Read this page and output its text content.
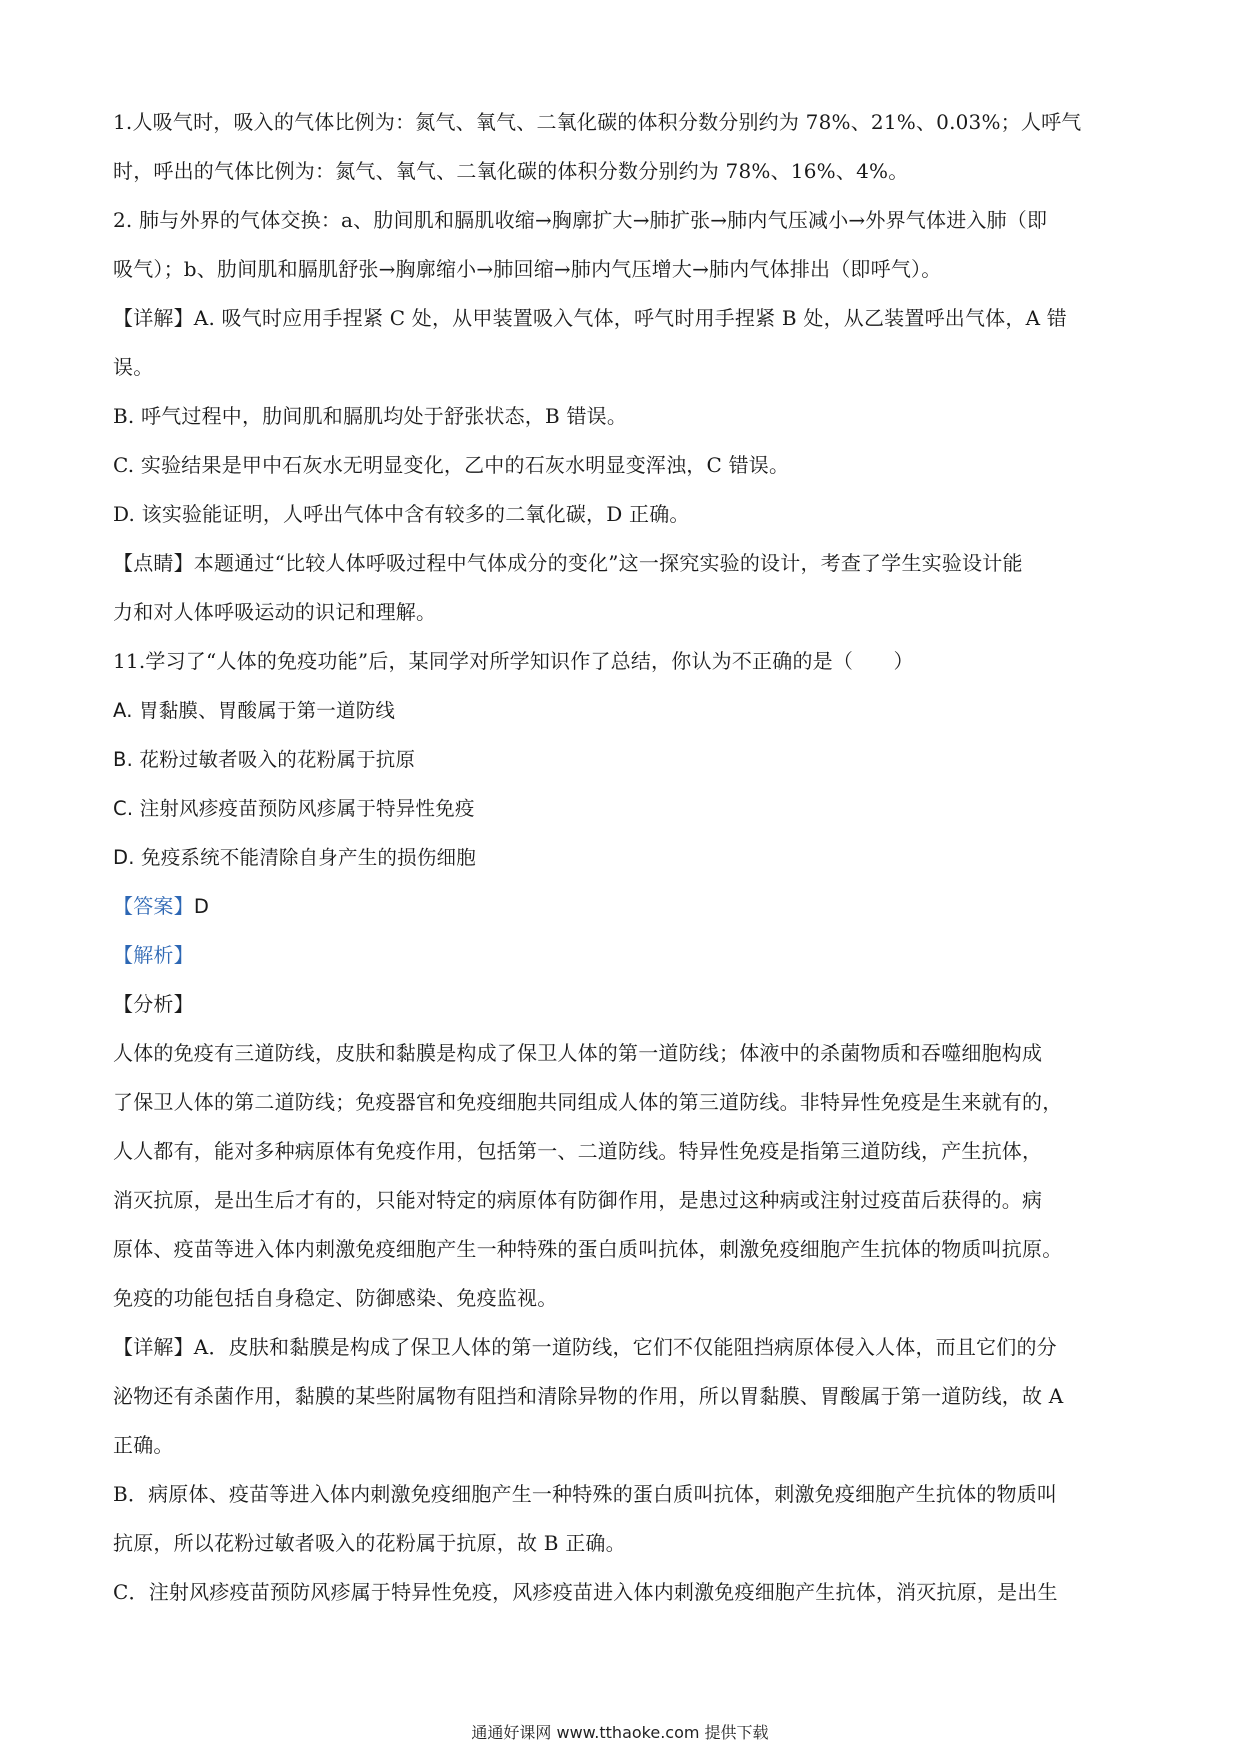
1.人吸气时，吸入的气体比例为：氮气、氧气、二氧化碳的体积分数分别约为 78%、21%、0.03%；人呼气
时，呼出的气体比例为：氮气、氧气、二氧化碳的体积分数分别约为 78%、16%、4%。
2. 肺与外界的气体交换：a、肋间肌和膈肌收缩→胸廓扩大→肺扩张→肺内气压减小→外界气体进入肺（即
吸气）；b、肋间肌和膈肌舒张→胸廓缩小→肺回缩→肺内气压增大→肺内气体排出（即呼气）。
【详解】A. 吸气时应用手捏紧 C 处，从甲装置吸入气体，呼气时用手捏紧 B 处，从乙装置呼出气体，A 错
误。
B. 呼气过程中，肋间肌和膈肌均处于舒张状态，B 错误。
C. 实验结果是甲中石灰水无明显变化，乙中的石灰水明显变浑浊，C 错误。
D. 该实验能证明，人呼出气体中含有较多的二氧化碳，D 正确。
【点睛】本题通过“比较人体呼吸过程中气体成分的变化”这一探究实验的设计，考查了学生实验设计能
力和对人体呼吸运动的识记和理解。
11.学习了“人体的免疫功能”后，某同学对所学知识作了总结，你认为不正确的是（　　）
A. 胃黏膜、胃酸属于第一道防线
B. 花粉过敏者吸入的花粉属于抗原
C. 注射风疹疫苗预防风疹属于特异性免疫
D. 免疫系统不能清除自身产生的损伤细胞
【答案】D
【解析】
【分析】
人体的免疫有三道防线，皮肤和黏膜是构成了保卫人体的第一道防线；体液中的杀菌物质和吞噬细胞构成
了保卫人体的第二道防线；免疫器官和免疫细胞共同组成人体的第三道防线。非特异性免疫是生来就有的，
人人都有，能对多种病原体有免疫作用，包括第一、二道防线。特异性免疫是指第三道防线，产生抗体，
消灭抗原，是出生后才有的，只能对特定的病原体有防御作用，是患过这种病或注射过疫苗后获得的。病
原体、疫苗等进入体内刺激免疫细胞产生一种特殊的蛋白质叫抗体，刺激免疫细胞产生抗体的物质叫抗原。
免疫的功能包括自身稳定、防御感染、免疫监视。
【详解】A．皮肤和黏膜是构成了保卫人体的第一道防线，它们不仅能阻挡病原体侵入人体，而且它们的分
泌物还有杀菌作用，黏膜的某些附属物有阻挡和清除异物的作用，所以胃黏膜、胃酸属于第一道防线，故 A
正确。
B．病原体、疫苗等进入体内刺激免疫细胞产生一种特殊的蛋白质叫抗体，刺激免疫细胞产生抗体的物质叫
抗原，所以花粉过敏者吸入的花粉属于抗原，故 B 正确。
C．注射风疹疫苗预防风疹属于特异性免疫，风疹疫苗进入体内刺激免疫细胞产生抗体，消灭抗原，是出生
通通好课网 www.tthaoke.com 提供下载
